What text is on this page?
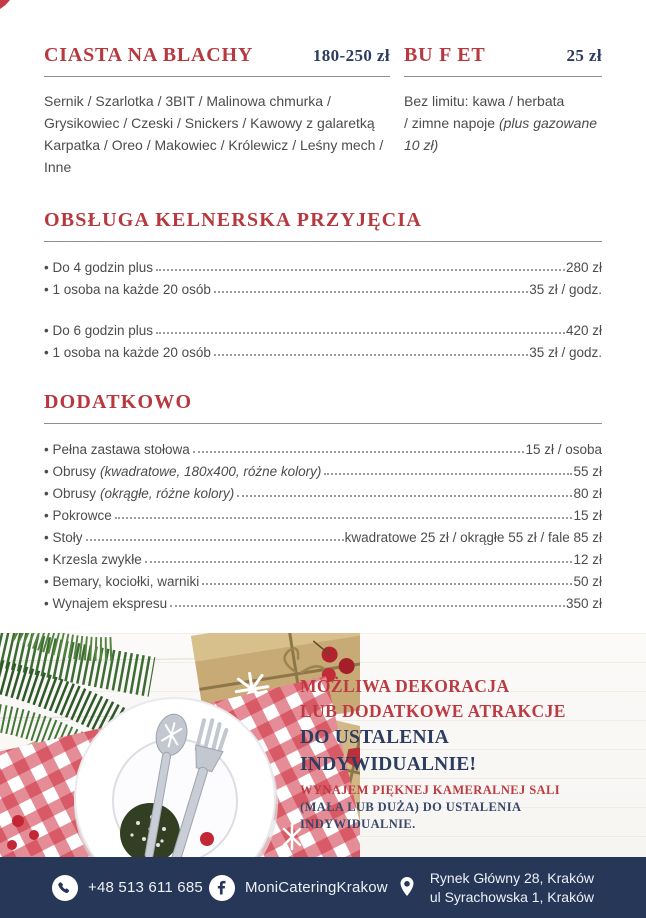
CIASTA NA BLACHY	180-250 zł
Sernik / Szarlotka / 3BIT / Malinowa chmurka / Grysikowiec / Czeski / Snickers / Kawowy z galaretką Karpatka / Oreo / Makowiec / Królewicz / Leśny mech / Inne
BU F ET	25 zł
Bez limitu: kawa / herbata
/ zimne napoje (plus gazowane 10 zł)
OBSŁUGA KELNERSKA PRZYJĘCIA
• Do 4 godzin plus	280 zł
• 1 osoba na każde 20 osób	35 zł / godz.
• Do 6 godzin plus	420 zł
• 1 osoba na każde 20 osób	35 zł / godz.
DODATKOWO
• Pełna zastawa stołowa	15 zł / osoba
• Obrusy (kwadratowe, 180x400, różne kolory)	55 zł
• Obrusy (okrągłe, różne kolory)	80 zł
• Pokrowce	15 zł
• Stoły	kwadratowe 25 zł / okrągłe 55 zł / fale 85 zł
• Krzesla zwykłe	12 zł
• Bemary, kociołki, warniki	50 zł
• Wynajem ekspresu	350 zł
MOŻLIWA DEKORACJA
LUB DODATKOWE ATRAKCJE
DO USTALENIA INDYWIDUALNIE!
WYNAJEM PIĘKNEJ KAMERALNEJ SALI
(MAŁA LUB DUŻA) DO USTALENIA
INDYWIDUALNIE.
+48 513 611 685	MoniCateringKrakow
Rynek Główny 28, Kraków
ul Syrachowska 1, Kraków
